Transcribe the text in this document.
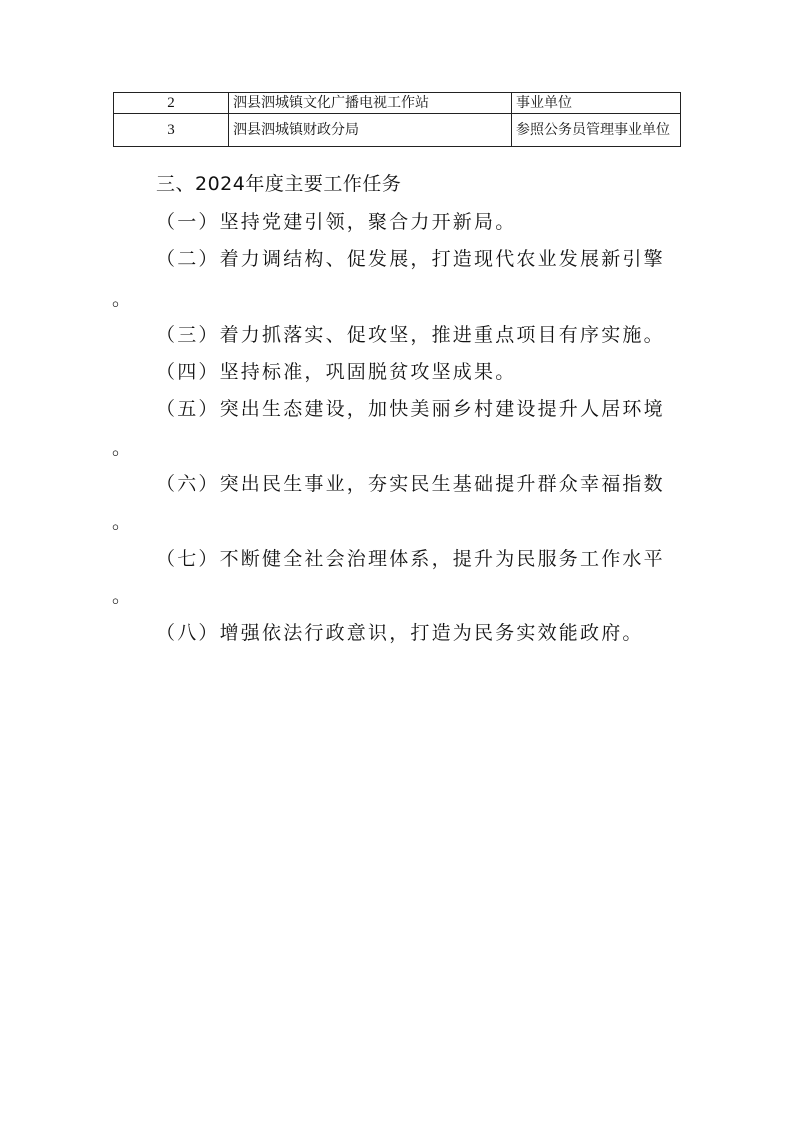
2	泗县泗城镇文化广播电视工作站	事业单位
3	泗县泗城镇财政分局	参照公务员管理事业单位
三、2024年度主要工作任务
（一）坚持党建引领，聚合力开新局。
（二）着力调结构、促发展，打造现代农业发展新引擎
。
（三）着力抓落实、促攻坚，推进重点项目有序实施。
（四）坚持标准，巩固脱贫攻坚成果。
（五）突出生态建设，加快美丽乡村建设提升人居环境
。
（六）突出民生事业，夯实民生基础提升群众幸福指数
。
（七）不断健全社会治理体系，提升为民服务工作水平
。
（八）增强依法行政意识，打造为民务实效能政府。
